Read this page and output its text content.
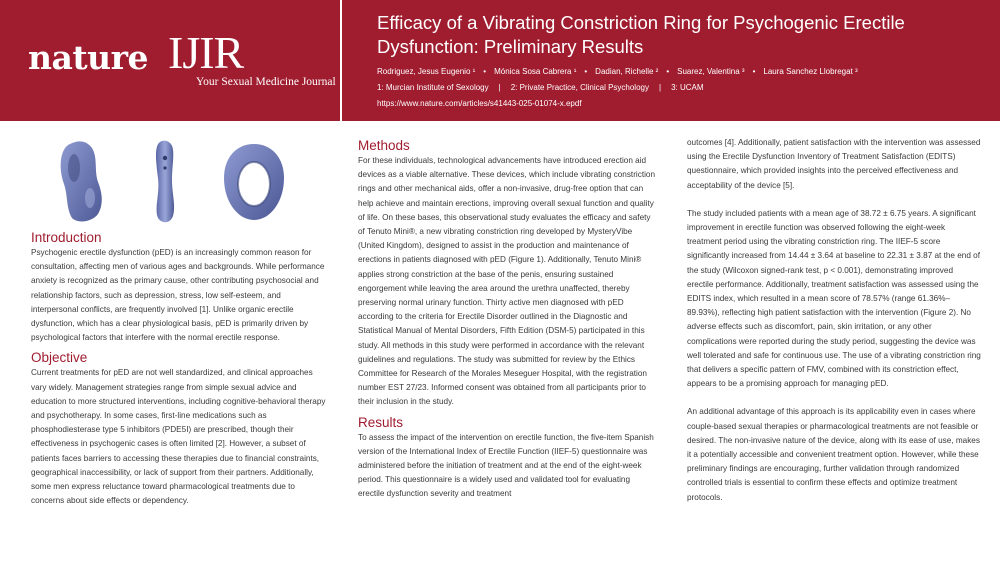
nature IJIR
Your Sexual Medicine Journal
Efficacy of a Vibrating Constriction Ring for Psychogenic Erectile Dysfunction: Preliminary Results
Rodriguez, Jesus Eugenio ¹ • Mónica Sosa Cabrera ¹ • Dadian, Richelle ² • Suarez, Valentina ³ • Laura Sanchez Llobregat ³
1: Murcian Institute of Sexology | 2: Private Practice, Clinical Psychology | 3: UCAM
https://www.nature.com/articles/s41443-025-01074-x.epdf
Introduction

Psychogenic erectile dysfunction (pED) is an increasingly common reason for consultation, affecting men of various ages and backgrounds. While performance anxiety is recognized as the primary cause, other contributing psychosocial and relationship factors, such as depression, stress, low self-esteem, and interpersonal conflicts, are frequently involved [1]. Unlike organic erectile dysfunction, which has a clear physiological basis, pED is primarily driven by psychological factors that interfere with the normal erectile response.

Objective

Current treatments for pED are not well standardized, and clinical approaches vary widely. Management strategies range from simple sexual advice and education to more structured interventions, including cognitive-behavioral therapy and psychotherapy. In some cases, first-line medications such as phosphodiesterase type 5 inhibitors (PDE5I) are prescribed, though their effectiveness in psychogenic cases is often limited [2]. However, a subset of patients faces barriers to accessing these therapies due to financial constraints, geographical inaccessibility, or lack of support from their partners. Additionally, some men express reluctance toward pharmacological treatments due to concerns about side effects or dependency.

Methods

For these individuals, technological advancements have introduced erection aid devices as a viable alternative. These devices, which include vibrating constriction rings and other mechanical aids, offer a non-invasive, drug-free option that can help achieve and maintain erections, improving overall sexual function and quality of life. On these bases, this observational study evaluates the efficacy and safety of Tenuto Mini®, a new vibrating constriction ring developed by MysteryVibe (United Kingdom), designed to assist in the production and maintenance of erections in patients diagnosed with pED (Figure 1). Additionally, Tenuto Mini® applies strong constriction at the base of the penis, ensuring sustained engorgement while leaving the area around the urethra unaffected, thereby preserving normal urinary function. Thirty active men diagnosed with pED according to the criteria for Erectile Disorder outlined in the Diagnostic and Statistical Manual of Mental Disorders, Fifth Edition (DSM-5) participated in this study. All methods in this study were performed in accordance with the relevant guidelines and regulations. The study was submitted for review by the Ethics Committee for Research of the Morales Meseguer Hospital, with the registration number EST 27/23. Informed consent was obtained from all participants prior to their inclusion in the study.

Results

To assess the impact of the intervention on erectile function, the five-item Spanish version of the International Index of Erectile Function (IIEF-5) questionnaire was administered before the initiation of treatment and at the end of the eight-week period. This questionnaire is a widely used and validated tool for evaluating erectile dysfunction severity and treatment

outcomes [4]. Additionally, patient satisfaction with the intervention was assessed using the Erectile Dysfunction Inventory of Treatment Satisfaction (EDITS) questionnaire, which provided insights into the perceived effectiveness and acceptability of the device [5].

The study included patients with a mean age of 38.72 ± 6.75 years. A significant improvement in erectile function was observed following the eight-week treatment period using the vibrating constriction ring. The IIEF-5 score significantly increased from 14.44 ± 3.64 at baseline to 22.31 ± 3.87 at the end of the study (Wilcoxon signed-rank test, p < 0.001), demonstrating improved erectile performance. Additionally, treatment satisfaction was assessed using the EDITS index, which resulted in a mean score of 78.57% (range 61.36%–89.93%), reflecting high patient satisfaction with the intervention (Figure 2). No adverse effects such as discomfort, pain, skin irritation, or any other complications were reported during the study period, suggesting the device was well tolerated and safe for continuous use. The use of a vibrating constriction ring that delivers a specific pattern of FMV, combined with its constriction effect, appears to be a promising approach for managing pED.

An additional advantage of this approach is its applicability even in cases where couple-based sexual therapies or pharmacological treatments are not feasible or desired. The non-invasive nature of the device, along with its ease of use, makes it a potentially accessible and convenient treatment option. However, while these preliminary findings are encouraging, further validation through randomized controlled trials is essential to confirm these effects and optimize treatment protocols.
